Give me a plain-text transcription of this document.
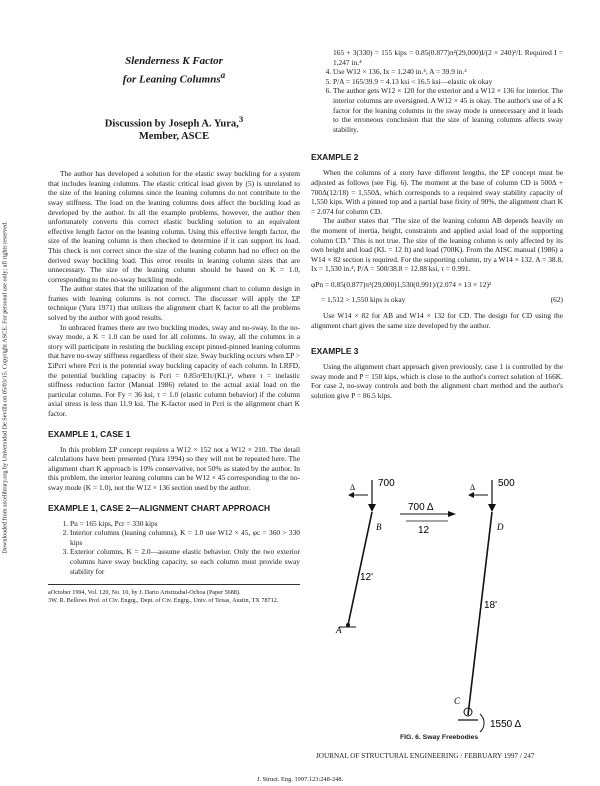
Downloaded from ascelibrary.org by Universidad De Sevilla on 05/03/15. Copyright ASCE. For personal use only; all rights reserved.
Slenderness K Factor
for Leaning Columns$^a$
Discussion by Joseph A. Yura,$^3$
Member, ASCE

The author has developed a solution for the elastic sway buckling for a system that includes leaning columns. The elastic critical load given by (5) is unrelated to the size of the leaning columns since the leaning columns do not contribute to the sway stiffness. The load on the leaning columns does affect the buckling load as developed by the author. In all the example problems, however, the author then unfortunately converts this correct elastic buckling solution to an equivalent effective length factor on the leaning column. Using this effective length factor, the size of the leaning column is then checked to determine if it can support its load. This check is not correct since the size of the leaning column had no effect on the derived sway buckling load. This error results in leaning column sizes that are unnecessary. The size of the leaning column should be based on K = 1.0, corresponding to the no-sway buckling mode.

The author states that the utilization of the alignment chart to column design in frames with leaning columns is not correct. The discusser will apply the ΣP technique (Yura 1971) that utilizes the alignment chart K factor to all the problems solved by the author with good results.

In unbraced frames there are two buckling modes, sway and no-sway. In the no-sway mode, a K = 1.0 can be used for all columns. In sway, all the columns in a story will participate in resisting the buckling except pinned-pinned leaning columns that have no-sway stiffness regardless of their size. Sway buckling occurs when ΣP > ΣiPcri where Pcri is the potential sway buckling capacity of each column. In LRFD, the potential buckling capacity is Pcri = 0.85π²EIτ/(KL)², where τ = inelastic stiffness reduction factor (Manual 1986) related to the actual axial load on the particular column. For Fy = 36 ksi, τ = 1.0 (elastic column behavior) if the column axial stress is less than 11.9 ksi. The K-factor used in Pcri is the alignment chart K factor.

EXAMPLE 1, CASE 1

In this problem ΣP concept requires a W12 × 152 not a W12 × 210. The detail calculations have been presented (Yura 1994) so they will not be repeated here. The alignment chart K approach is 10% conservative, not 50% as stated by the author. In this problem, the interior leaning columns can be W12 × 45 corresponding to the no-sway mode (K = 1.0), not the W12 × 136 section used by the author.

EXAMPLE 1, CASE 2—ALIGNMENT CHART APPROACH
1. Pu = 165 kips, Pcr = 330 kips
2. Interior columns (leaning columns), K = 1.0 use W12 × 45, φc = 360 > 330 kips
3. Exterior columns, K = 2.0—assume elastic behavior. Only the two exterior columns have sway buckling capacity, so each column must provide sway stability for
aOctober 1994, Vol. 120, No. 10, by J. Dario Aristizabal-Ochoa (Paper 5688).
3W. R. Bellows Prof. of Civ. Engrg., Dept. of Civ. Engrg., Univ. of Texas, Austin, TX 78712.
165 + 3(330) = 155 kips = 0.85(0.877)π²(29,000)I/(2 × 240)²/I. Required I = 1,247 in.⁴
4. Use W12 × 136, Ix = 1,240 in.⁴, A = 39.9 in.²
5. P/A = 165/39.9 = 4.13 ksi < 16.5 ksi—elastic ok okay
6. The author gets W12 × 120 for the exterior and a W12 × 136 for interior. The interior columns are oversigned. A W12 × 45 is okay. The author's use of a K factor for the leaning columns in the sway mode is unnecessary and it leads to the erroneous conclusion that the size of leaning columns affects sway stability.
EXAMPLE 2

When the columns of a story have different lengths, the ΣP concept must be adjusted as follows (see Fig. 6). The moment at the base of column CD is 500Δ + 700Δ(12/18) = 1,550Δ, which corresponds to a required sway stability capacity of 1,550 kips. With a pinned top and a partial base fixity of 90%, the alignment chart K = 2.074 for column CD.

The author states that "The size of the leaning column AB depends heavily on the moment of inertia, height, constraints and applied axial load of the supporting column CD." This is not true. The size of the leaning column is only affected by its own height and load (KL = 12 ft) and load (700K). From the AISC manual (1986) a W14 × 82 section is required. For the supporting column, try a W14 × 132. A = 38.8, Ix = 1,530 in.⁴, P/A = 500/38.8 = 12.88 ksi, τ = 0.991.

φPn = 0.85(0.877)π²(29,000)1,530(0.991)/(2.074 × 13 × 12)²
= 1,512 > 1,550 kips is okay	(62)

Use W14 × 82 for AB and W14 × 132 for CD. The design for CD using the alignment chart gives the same size developed by the author.

EXAMPLE 3

Using the alignment chart approach given previously, case 1 is controlled by the sway mode and P = 150 kips, which is close to the author's correct solution of 166K. For case 2, no-sway controls and both the alignment chart method and the author's solution give P = 86.5 kips.

700	500
700 Δ
12
12'
18'
1550 Δ
A
B
C
D
Δ	Δ
FIG. 6. Sway Freebodies
JOURNAL OF STRUCTURAL ENGINEERING / FEBRUARY 1997 / 247
J. Struct. Eng. 1997.123:248-248.
